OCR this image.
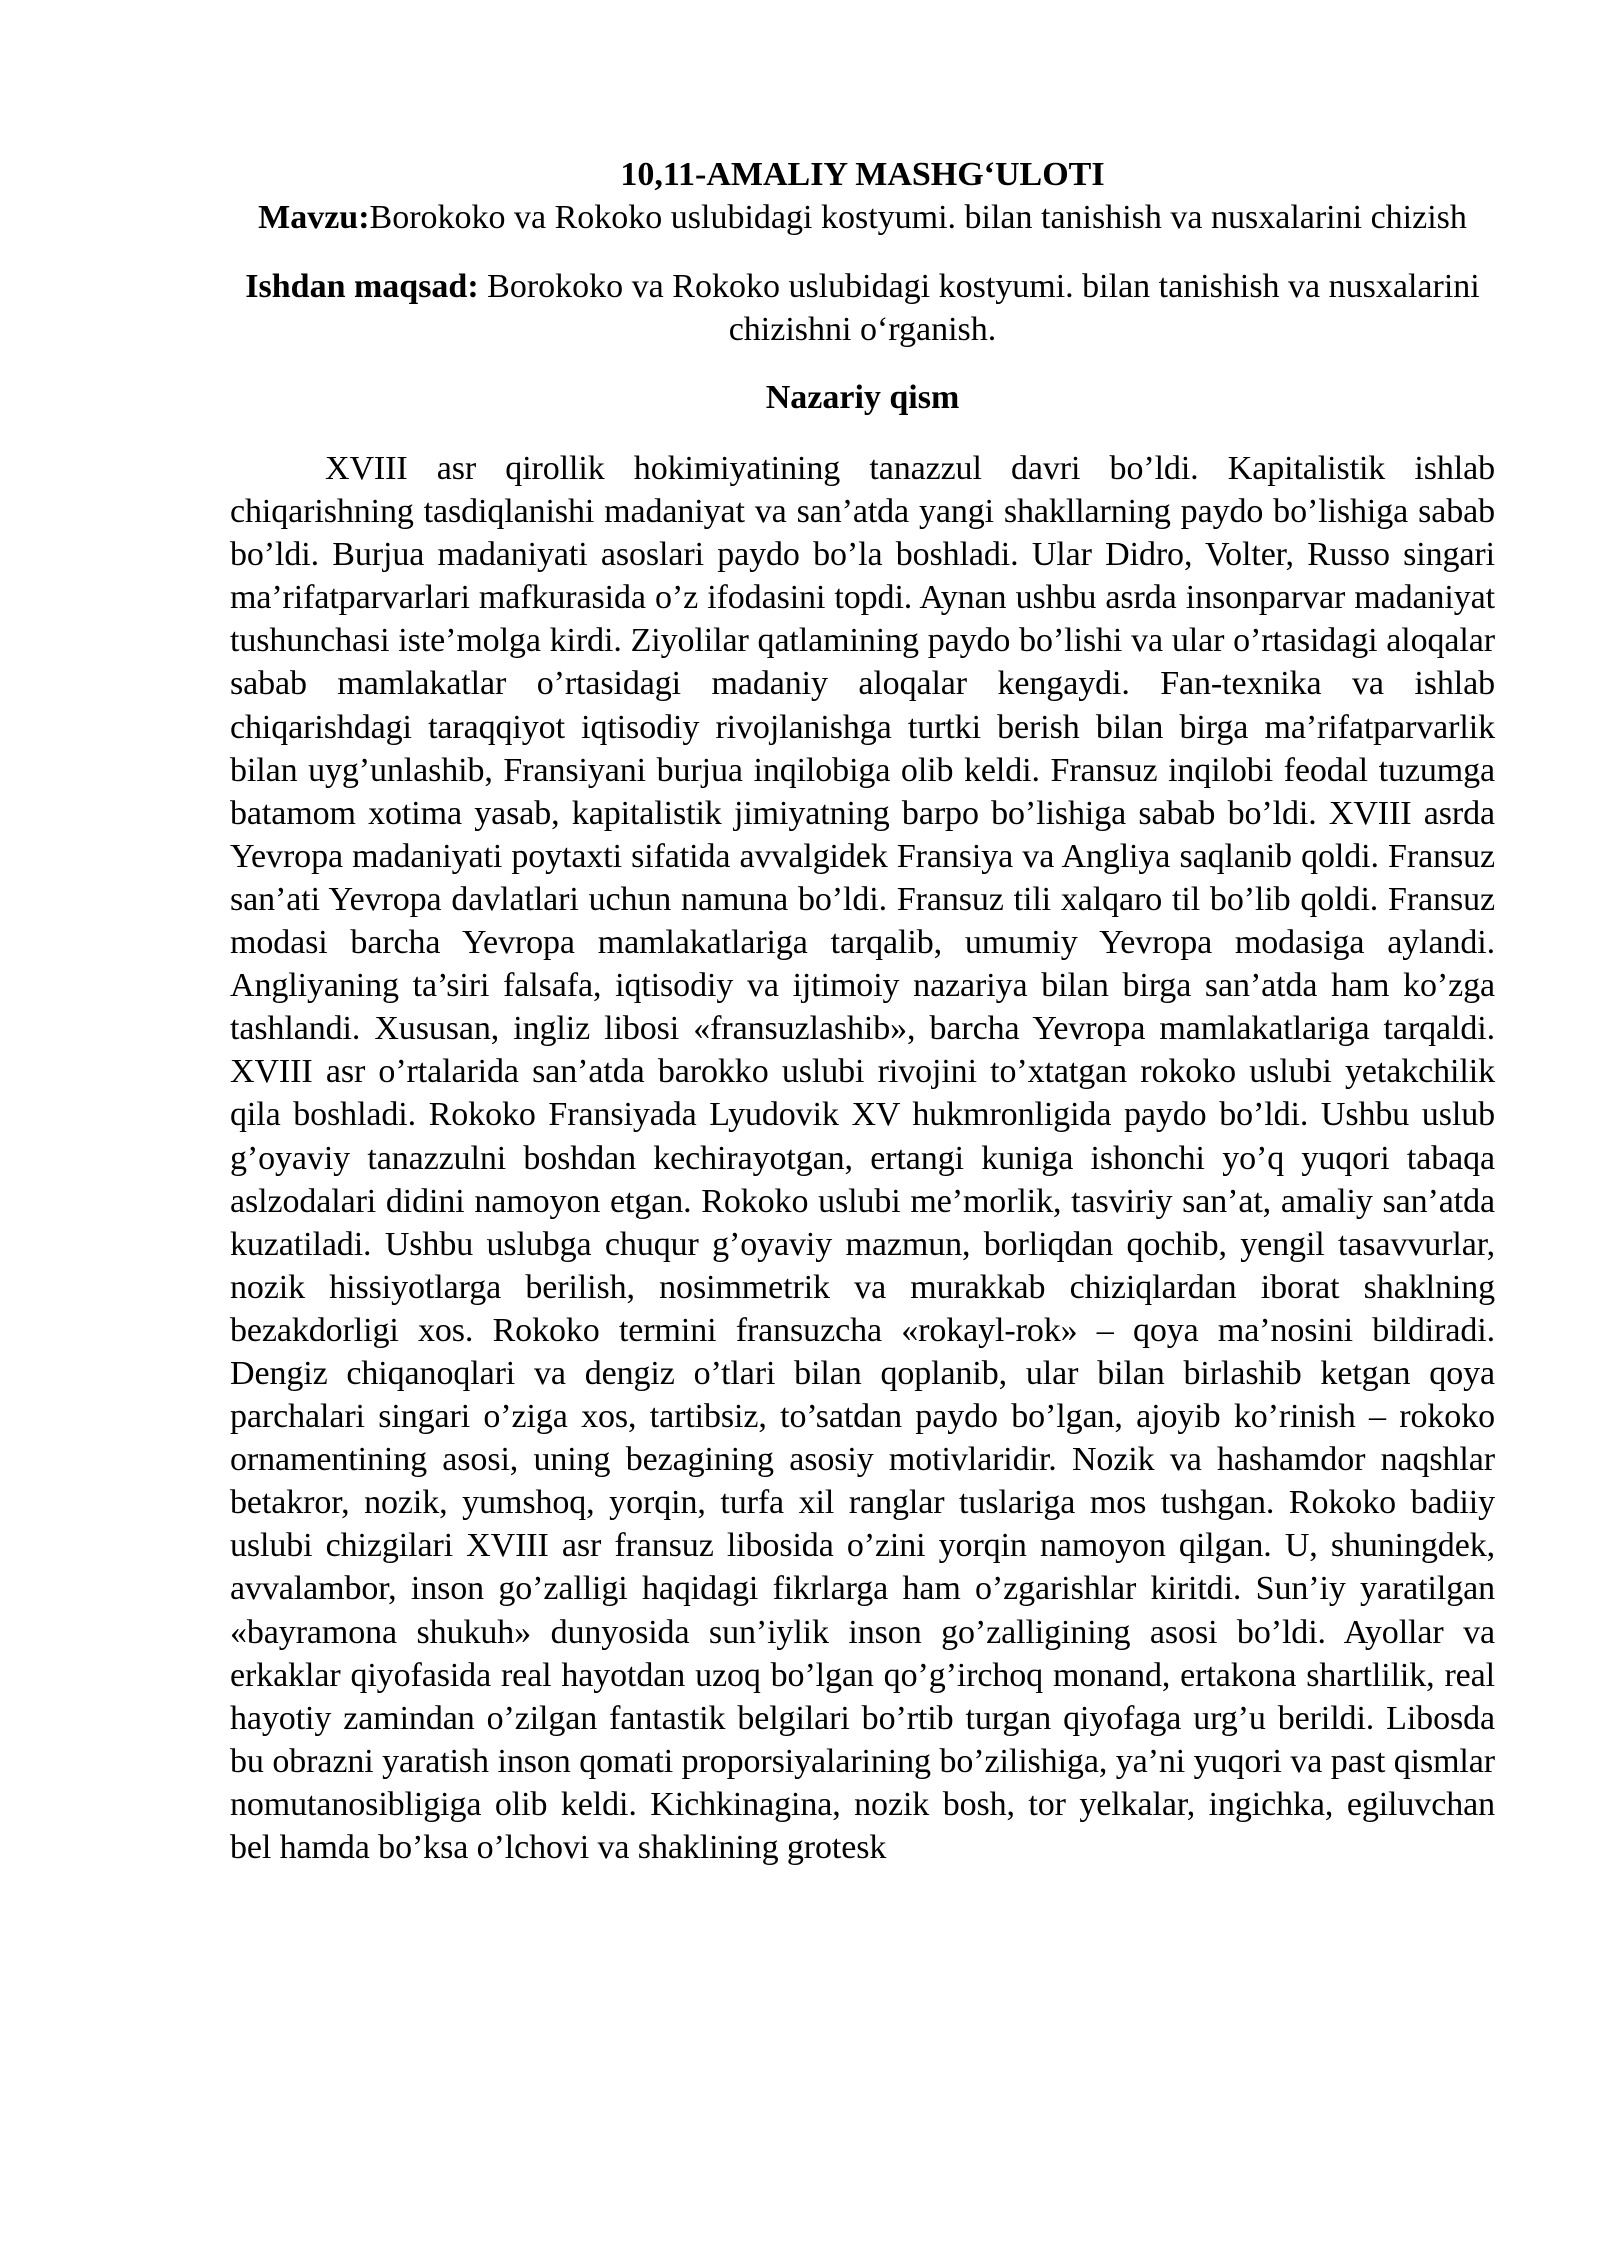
10,11-AMALIY MASHG‘ULOTI

Mavzu:Borokoko va Rokoko uslubidagi kostyumi. bilan tanishish va nusxalarini chizish

Ishdan maqsad: Borokoko va Rokoko uslubidagi kostyumi. bilan tanishish va nusxalarini chizishni o‘rganish.

Nazariy qism

XVIII asr qirollik hokimiyatining tanazzul davri bo’ldi. Kapitalistik ishlab chiqarishning tasdiqlanishi madaniyat va san’atda yangi shakllarning paydo bo’lishiga sabab bo’ldi. Burjua madaniyati asoslari paydo bo’la boshladi. Ular Didro, Volter, Russo singari ma’rifatparvarlari mafkurasida o’z ifodasini topdi. Aynan ushbu asrda insonparvar madaniyat tushunchasi iste’molga kirdi. Ziyolilar qatlamining paydo bo’lishi va ular o’rtasidagi aloqalar sabab mamlakatlar o’rtasidagi madaniy aloqalar kengaydi. Fan-texnika va ishlab chiqarishdagi taraqqiyot iqtisodiy rivojlanishga turtki berish bilan birga ma’rifatparvarlik bilan uyg’unlashib, Fransiyani burjua inqilobiga olib keldi. Fransuz inqilobi feodal tuzumga batamom xotima yasab, kapitalistik jimiyatning barpo bo’lishiga sabab bo’ldi. XVIII asrda Yevropa madaniyati poytaxti sifatida avvalgidek Fransiya va Angliya saqlanib qoldi. Fransuz san’ati Yevropa davlatlari uchun namuna bo’ldi. Fransuz tili xalqaro til bo’lib qoldi. Fransuz modasi barcha Yevropa mamlakatlariga tarqalib, umumiy Yevropa modasiga aylandi. Angliyaning ta’siri falsafa, iqtisodiy va ijtimoiy nazariya bilan birga san’atda ham ko’zga tashlandi. Xususan, ingliz libosi «fransuzlashib», barcha Yevropa mamlakatlariga tarqaldi. XVIII asr o’rtalarida san’atda barokko uslubi rivojini to’xtatgan rokoko uslubi yetakchilik qila boshladi. Rokoko Fransiyada Lyudovik XV hukmronligida paydo bo’ldi. Ushbu uslub g’oyaviy tanazzulni boshdan kechirayotgan, ertangi kuniga ishonchi yo’q yuqori tabaqa aslzodalari didini namoyon etgan. Rokoko uslubi me’morlik, tasviriy san’at, amaliy san’atda kuzatiladi. Ushbu uslubga chuqur g’oyaviy mazmun, borliqdan qochib, yengil tasavvurlar, nozik hissiyotlarga berilish, nosimmetrik va murakkab chiziqlardan iborat shaklning bezakdorligi xos. Rokoko termini fransuzcha «rokayl-rok» – qoya ma’nosini bildiradi. Dengiz chiqanoqlari va dengiz o’tlari bilan qoplanib, ular bilan birlashib ketgan qoya parchalari singari o’ziga xos, tartibsiz, to’satdan paydo bo’lgan, ajoyib ko’rinish – rokoko ornamentining asosi, uning bezagining asosiy motivlaridir. Nozik va hashamdor naqshlar betakror, nozik, yumshoq, yorqin, turfa xil ranglar tuslariga mos tushgan. Rokoko badiiy uslubi chizgilari XVIII asr fransuz libosida o’zini yorqin namoyon qilgan. U, shuningdek, avvalambor, inson go’zalligi haqidagi fikrlarga ham o’zgarishlar kiritdi. Sun’iy yaratilgan «bayramona shukuh» dunyosida sun’iylik inson go’zalligining asosi bo’ldi. Ayollar va erkaklar qiyofasida real hayotdan uzoq bo’lgan qo’g’irchoq monand, ertakona shartlilik, real hayotiy zamindan o’zilgan fantastik belgilari bo’rtib turgan qiyofaga urg’u berildi. Libosda bu obrazni yaratish inson qomati proporsiyalarining bo’zilishiga, ya’ni yuqori va past qismlar nomutanosibligiga olib keldi. Kichkinagina, nozik bosh, tor yelkalar, ingichka, egiluvchan bel hamda bo’ksa o’lchovi va shaklining grotesk
